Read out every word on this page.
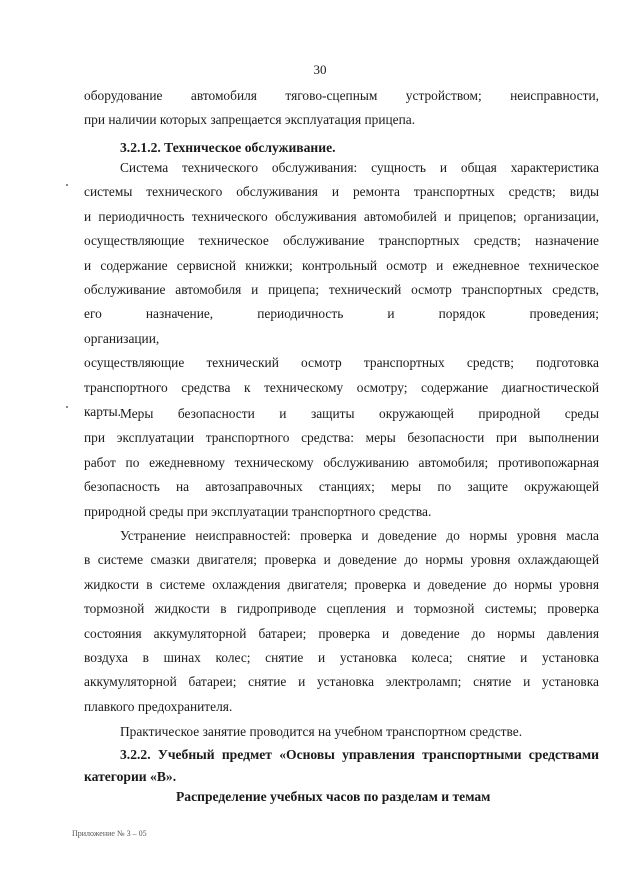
30
оборудование автомобиля тягово-сцепным устройством; неисправности,
при наличии которых запрещается эксплуатация прицепа.
3.2.1.2. Техническое обслуживание.
Система технического обслуживания: сущность и общая характеристика
системы технического обслуживания и ремонта транспортных средств; виды
и периодичность технического обслуживания автомобилей и прицепов; организации,
осуществляющие техническое обслуживание транспортных средств; назначение
и содержание сервисной книжки; контрольный осмотр и ежедневное техническое
обслуживание автомобиля и прицепа; технический осмотр транспортных средств,
его назначение, периодичность и порядок проведения; организации,
осуществляющие технический осмотр транспортных средств; подготовка
транспортного средства к техническому осмотру; содержание диагностической
карты. Меры безопасности и защиты окружающей природной среды
при эксплуатации транспортного средства: меры безопасности при выполнении
работ по ежедневному техническому обслуживанию автомобиля; противопожарная
безопасность на автозаправочных станциях; меры по защите окружающей
природной среды при эксплуатации транспортного средства.
Устранение неисправностей: проверка и доведение до нормы уровня масла
в системе смазки двигателя; проверка и доведение до нормы уровня охлаждающей
жидкости в системе охлаждения двигателя; проверка и доведение до нормы уровня
тормозной жидкости в гидроприводе сцепления и тормозной системы; проверка
состояния аккумуляторной батареи; проверка и доведение до нормы давления
воздуха в шинах колес; снятие и установка колеса; снятие и установка
аккумуляторной батареи; снятие и установка электроламп; снятие и установка
плавкого предохранителя.
Практическое занятие проводится на учебном транспортном средстве.
3.2.2. Учебный предмет «Основы управления транспортными средствами
категории «В».
Распределение учебных часов по разделам и темам
Приложение № 3 – 05
